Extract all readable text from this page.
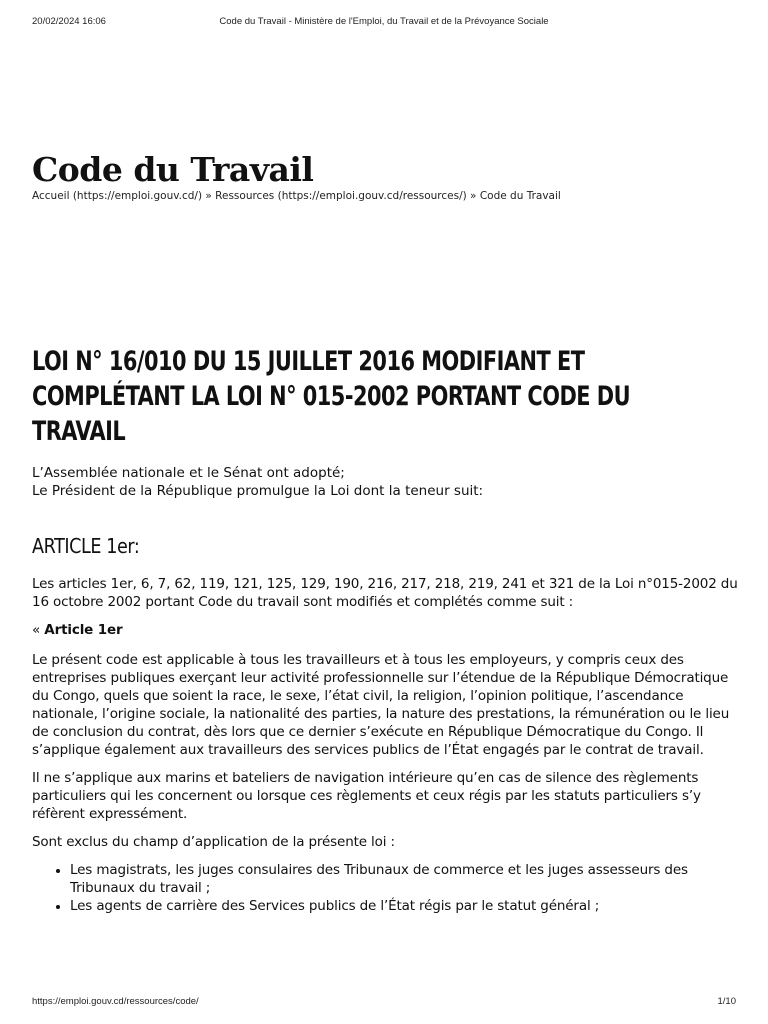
20/02/2024 16:06	Code du Travail - Ministère de l'Emploi, du Travail et de la Prévoyance Sociale
Code du Travail
Accueil (https://emploi.gouv.cd/) » Ressources (https://emploi.gouv.cd/ressources/) » Code du Travail
LOI N° 16/010 DU 15 JUILLET 2016 MODIFIANT ET COMPLÉTANT LA LOI N° 015-2002 PORTANT CODE DU TRAVAIL
L’Assemblée nationale et le Sénat ont adopté;
Le Président de la République promulgue la Loi dont la teneur suit:
ARTICLE 1er:

Les articles 1er, 6, 7, 62, 119, 121, 125, 129, 190, 216, 217, 218, 219, 241 et 321 de la Loi n°015-2002 du 16 octobre 2002 portant Code du travail sont modifiés et complétés comme suit :

« Article 1er

Le présent code est applicable à tous les travailleurs et à tous les employeurs, y compris ceux des entreprises publiques exerçant leur activité professionnelle sur l’étendue de la République Démocratique du Congo, quels que soient la race, le sexe, l’état civil, la religion, l’opinion politique, l’ascendance nationale, l’origine sociale, la nationalité des parties, la nature des prestations, la rémunération ou le lieu de conclusion du contrat, dès lors que ce dernier s’exécute en République Démocratique du Congo. Il s’applique également aux travailleurs des services publics de l’État engagés par le contrat de travail.

Il ne s’applique aux marins et bateliers de navigation intérieure qu’en cas de silence des règlements particuliers qui les concernent ou lorsque ces règlements et ceux régis par les statuts particuliers s’y réfèrent expressément.

Sont exclus du champ d’application de la présente loi :

• Les magistrats, les juges consulaires des Tribunaux de commerce et les juges assesseurs des Tribunaux du travail ;
• Les agents de carrière des Services publics de l’État régis par le statut général ;
https://emploi.gouv.cd/ressources/code/	1/10
